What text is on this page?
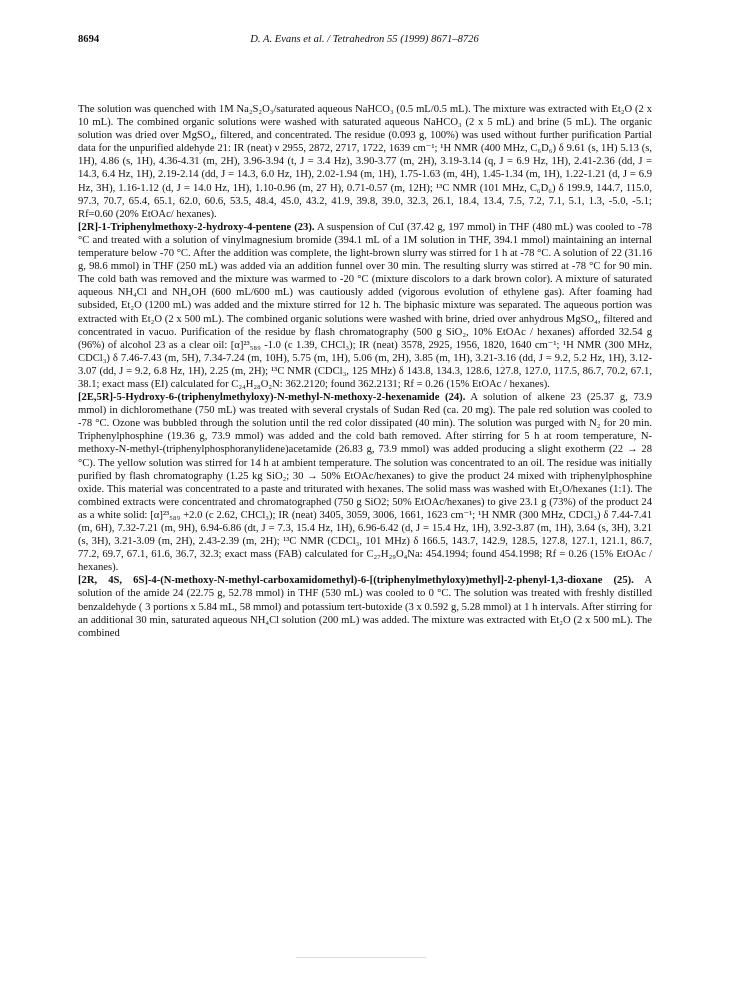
8694	D. A. Evans et al. / Tetrahedron 55 (1999) 8671–8726

The solution was quenched with 1M Na₂S₂O₃/saturated aqueous NaHCO₃ (0.5 mL/0.5 mL). The mixture was extracted with Et₂O (2 x 10 mL). The combined organic solutions were washed with saturated aqueous NaHCO₃ (2 x 5 mL) and brine (5 mL). The organic solution was dried over MgSO₄, filtered, and concentrated. The residue (0.093 g, 100%) was used without further purification Partial data for the unpurified aldehyde 21: IR (neat) ν 2955, 2872, 2717, 1722, 1639 cm⁻¹; ¹H NMR (400 MHz, C₆D₆) δ 9.61 (s, 1H) 5.13 (s, 1H), 4.86 (s, 1H), 4.36-4.31 (m, 2H), 3.96-3.94 (t, J = 3.4 Hz), 3.90-3.77 (m, 2H), 3.19-3.14 (q, J = 6.9 Hz, 1H), 2.41-2.36 (dd, J = 14.3, 6.4 Hz, 1H), 2.19-2.14 (dd, J = 14.3, 6.0 Hz, 1H), 2.02-1.94 (m, 1H), 1.75-1.63 (m, 4H), 1.45-1.34 (m, 1H), 1.22-1.21 (d, J = 6.9 Hz, 3H), 1.16-1.12 (d, J = 14.0 Hz, 1H), 1.10-0.96 (m, 27 H), 0.71-0.57 (m, 12H); ¹³C NMR (101 MHz, C₆D₆) δ 199.9, 144.7, 115.0, 97.3, 70.7, 65.4, 65.1, 62.0, 60.6, 53.5, 48.4, 45.0, 43.2, 41.9, 39.8, 39.0, 32.3, 26.1, 18.4, 13.4, 7.5, 7.2, 7.1, 5.1, 1.3, -5.0, -5.1; Rf=0.60 (20% EtOAc/ hexanes).

[2R]-1-Triphenylmethoxy-2-hydroxy-4-pentene (23). A suspension of CuI (37.42 g, 197 mmol) in THF (480 mL) was cooled to -78 °C and treated with a solution of vinylmagnesium bromide (394.1 mL of a 1M solution in THF, 394.1 mmol) maintaining an internal temperature below -70 °C. After the addition was complete, the light-brown slurry was stirred for 1 h at -78 °C. A solution of 22 (31.16 g, 98.6 mmol) in THF (250 mL) was added via an addition funnel over 30 min. The resulting slurry was stirred at -78 °C for 90 min. The cold bath was removed and the mixture was warmed to -20 °C (mixture discolors to a dark brown color). A mixture of saturated aqueous NH₄Cl and NH₄OH (600 mL/600 mL) was cautiously added (vigorous evolution of ethylene gas). After foaming had subsided, Et₂O (1200 mL) was added and the mixture stirred for 12 h. The biphasic mixture was separated. The aqueous portion was extracted with Et₂O (2 x 500 mL). The combined organic solutions were washed with brine, dried over anhydrous MgSO₄, filtered and concentrated in vacuo. Purification of the residue by flash chromatography (500 g SiO₂, 10% EtOAc / hexanes) afforded 32.54 g (96%) of alcohol 23 as a clear oil: [α]²³₅₈₉ -1.0 (c 1.39, CHCl₃); IR (neat) 3578, 2925, 1956, 1820, 1640 cm⁻¹; ¹H NMR (300 MHz, CDCl₃) δ 7.46-7.43 (m, 5H), 7.34-7.24 (m, 10H), 5.75 (m, 1H), 5.06 (m, 2H), 3.85 (m, 1H), 3.21-3.16 (dd, J = 9.2, 5.2 Hz, 1H), 3.12-3.07 (dd, J = 9.2, 6.8 Hz, 1H), 2.25 (m, 2H); ¹³C NMR (CDCl₃, 125 MHz) δ 143.8, 134.3, 128.6, 127.8, 127.0, 117.5, 86.7, 70.2, 67.1, 38.1; exact mass (EI) calculated for C₂₄H₂₈O₂N: 362.2120; found 362.2131; Rf = 0.26 (15% EtOAc / hexanes).

[2E,5R]-5-Hydroxy-6-(triphenylmethyloxy)-N-methyl-N-methoxy-2-hexenamide (24). A solution of alkene 23 (25.37 g, 73.9 mmol) in dichloromethane (750 mL) was treated with several crystals of Sudan Red (ca. 20 mg). The pale red solution was cooled to -78 °C. Ozone was bubbled through the solution until the red color dissipated (40 min). The solution was purged with N₂ for 20 min. Triphenylphosphine (19.36 g, 73.9 mmol) was added and the cold bath removed. After stirring for 5 h at room temperature, N-methoxy-N-methyl-(triphenylphosphoranylidene)acetamide (26.83 g, 73.9 mmol) was added producing a slight exotherm (22 → 28 °C). The yellow solution was stirred for 14 h at ambient temperature. The solution was concentrated to an oil. The residue was initially purified by flash chromatography (1.25 kg SiO₂; 30 → 50% EtOAc/hexanes) to give the product 24 mixed with triphenylphosphine oxide. This material was concentrated to a paste and triturated with hexanes. The solid mass was washed with Et₂O/hexanes (1:1). The combined extracts were concentrated and chromatographed (750 g SiO2; 50% EtOAc/hexanes) to give 23.1 g (73%) of the product 24 as a white solid: [α]²³₅₈₉ +2.0 (c 2.62, CHCl₃); IR (neat) 3405, 3059, 3006, 1661, 1623 cm⁻¹; ¹H NMR (300 MHz, CDCl₃) δ 7.44-7.41 (m, 6H), 7.32-7.21 (m, 9H), 6.94-6.86 (dt, J = 7.3, 15.4 Hz, 1H), 6.96-6.42 (d, J = 15.4 Hz, 1H), 3.92-3.87 (m, 1H), 3.64 (s, 3H), 3.21 (s, 3H), 3.21-3.09 (m, 2H), 2.43-2.39 (m, 2H); ¹³C NMR (CDCl₃, 101 MHz) δ 166.5, 143.7, 142.9, 128.5, 127.8, 127.1, 121.1, 86.7, 77.2, 69.7, 67.1, 61.6, 36.7, 32.3; exact mass (FAB) calculated for C₂₇H₂₉O₄Na: 454.1994; found 454.1998; Rf = 0.26 (15% EtOAc / hexanes).

[2R, 4S, 6S]-4-(N-methoxy-N-methyl-carboxamidomethyl)-6-[(triphenylmethyloxy)methyl]-2-phenyl-1,3-dioxane (25). A solution of the amide 24 (22.75 g, 52.78 mmol) in THF (530 mL) was cooled to 0 °C. The solution was treated with freshly distilled benzaldehyde ( 3 portions x 5.84 mL, 58 mmol) and potassium tert-butoxide (3 x 0.592 g, 5.28 mmol) at 1 h intervals. After stirring for an additional 30 min, saturated aqueous NH₄Cl solution (200 mL) was added. The mixture was extracted with Et₂O (2 x 500 mL). The combined
